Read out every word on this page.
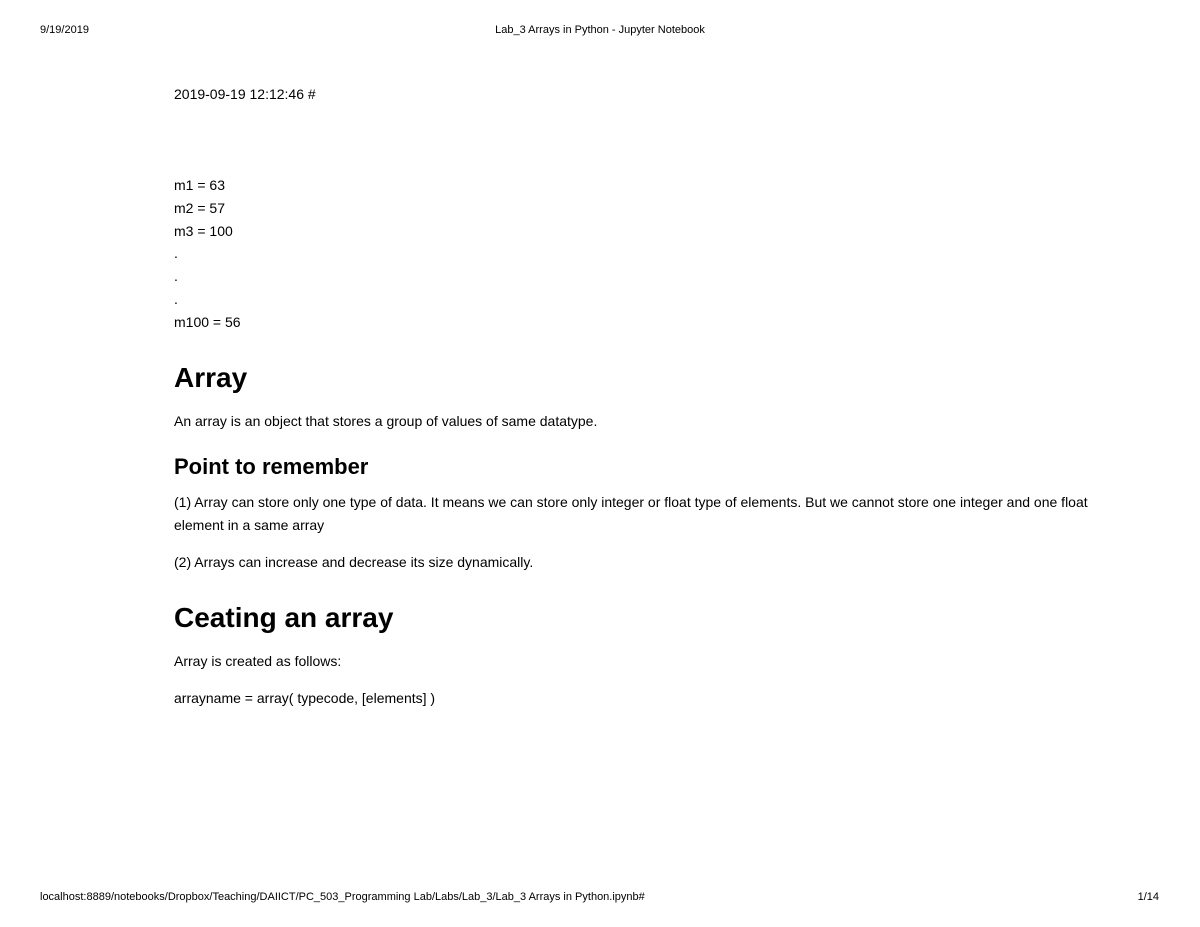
9/19/2019	Lab_3 Arrays in Python - Jupyter Notebook

2019-09-19 12:12:46 #

m1 = 63

m2 = 57

m3 = 100

.

.

.

m100 = 56

Array

An array is an object that stores a group of values of same datatype.

Point to remember

(1) Array can store only one type of data. It means we can store only integer or float type of elements. But we cannot store one integer and one float element in a same array

(2) Arrays can increase and decrease its size dynamically.

Ceating an array

Array is created as follows:

arrayname = array( typecode, [elements] )

localhost:8889/notebooks/Dropbox/Teaching/DAIICT/PC_503_Programming Lab/Labs/Lab_3/Lab_3 Arrays in Python.ipynb#	1/14
